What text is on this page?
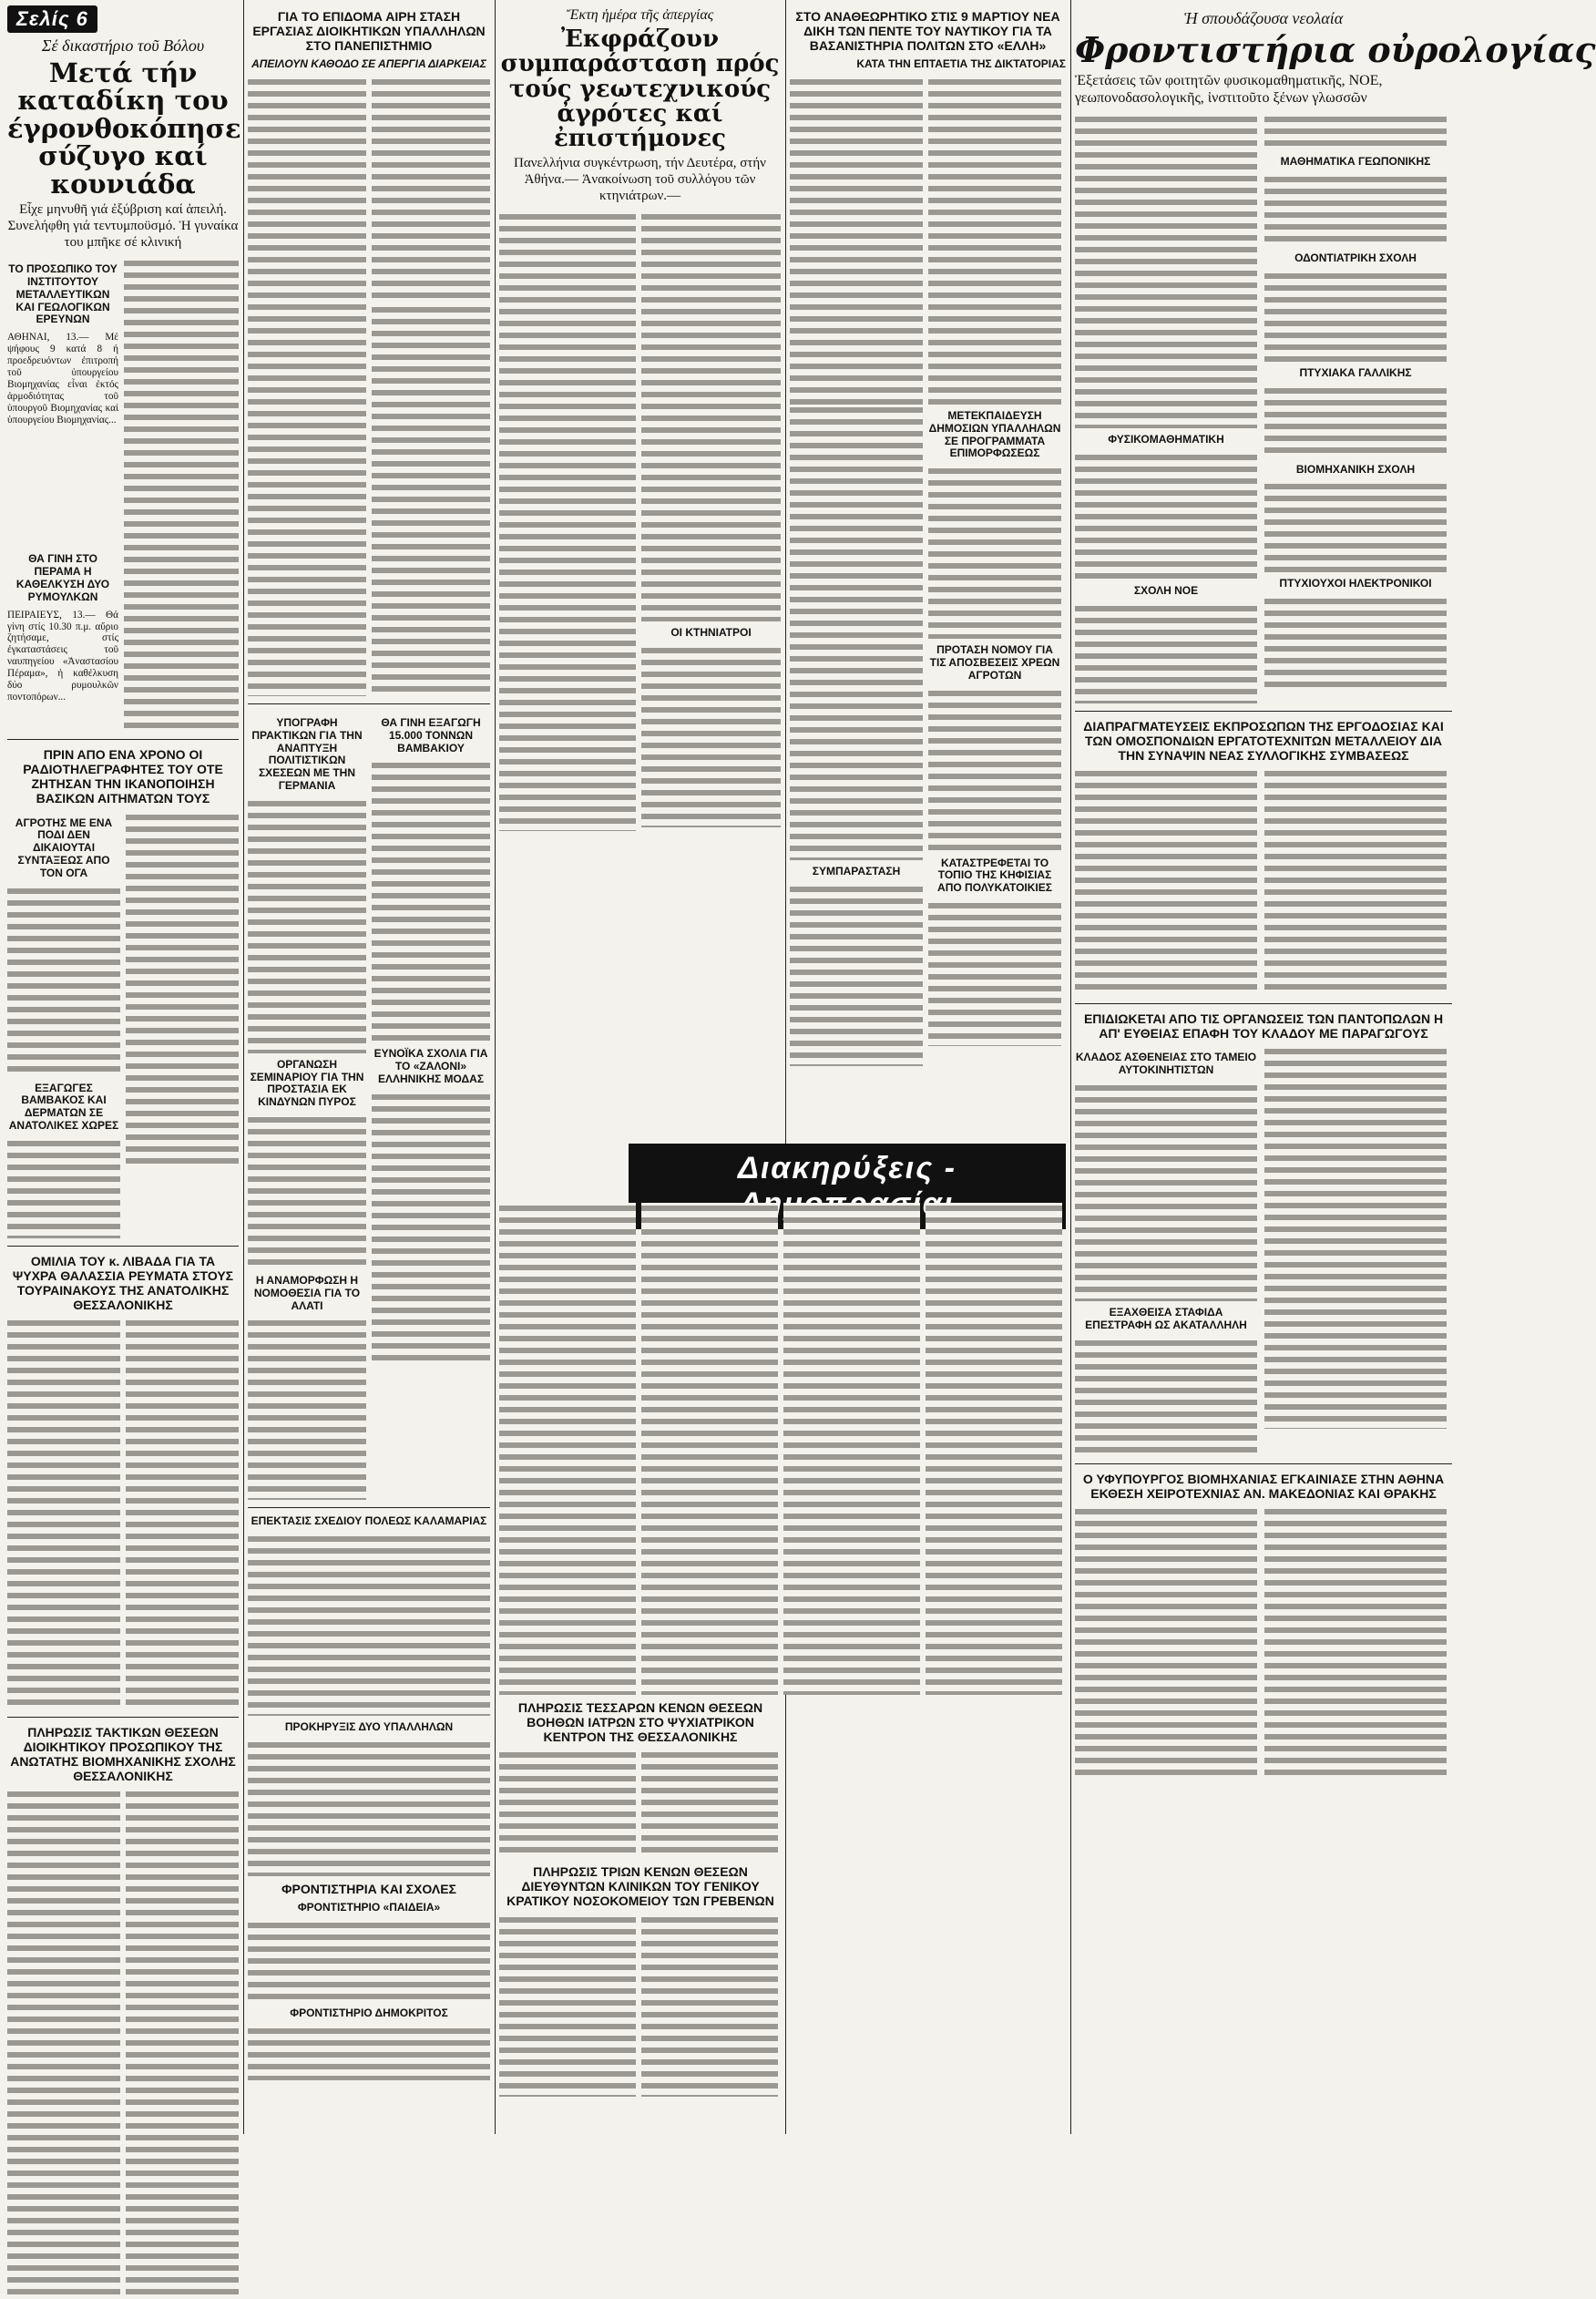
Σελίς 6
Σέ δικαστήριο τοῦ Βόλου
Μετά τήν καταδίκη του έγρονθοκόπησε σύζυγο καί κουνιάδα
Εἶχε μηνυθῆ γιά ἐξύβριση καί ἀπειλή. Συνελήφθη γιά τεντυμποϋσμό. Ἡ γυναίκα του μπῆκε σέ κλινική
ΤΟ ΠΡΟΣΩΠΙΚΟ ΤΟΥ ΙΝΣΤΙΤΟΥΤΟΥ ΜΕΤΑΛΛΕΥΤΙΚΩΝ ΚΑΙ ΓΕΩΛΟΓΙΚΩΝ ΕΡΕΥΝΩΝ

ΑΘΗΝΑΙ, 13.— Μέ ψήφους 9 κατά 8 ή προεδρευόντων ἐπιτροπή τοῦ ὑπουργείου Βιομηχανίας εἶναι ἐκτός ἀρμοδιότητας τοῦ ὑπουργοῦ Βιομηχανίας καί ὑπουργείου Βιομηχανίας...

ΘΑ ΓΙΝΗ ΣΤΟ ΠΕΡΑΜΑ Η ΚΑΘΕΛΚΥΣΗ ΔΥΟ ΡΥΜΟΥΛΚΩΝ

ΠΕΙΡΑΙΕΥΣ, 13.— Θά γίνη στίς 10.30 π.μ. αὔριο ζητήσαμε, στίς ἐγκαταστάσεις τοῦ ναυπηγείου «Ἀναστασίου Πέραμα», ἡ καθέλκυση δύο ρυμουλκῶν ποντοπόρων...

ΠΡΙΝ ΑΠΟ ΕΝΑ ΧΡΟΝΟ ΟΙ ΡΑΔΙΟΤΗΛΕΓΡΑΦΗΤΕΣ ΤΟΥ ΟΤΕ ΖΗΤΗΣΑΝ ΤΗΝ ΙΚΑΝΟΠΟΙΗΣΗ ΒΑΣΙΚΩΝ ΑΙΤΗΜΑΤΩΝ ΤΟΥΣ
ΑΓΡΟΤΗΣ ΜΕ ΕΝΑ ΠΟΔΙ ΔΕΝ ΔΙΚΑΙΟΥΤΑΙ ΣΥΝΤΑΞΕΩΣ ΑΠΟ ΤΟΝ ΟΓΑ
ΕΞΑΓΩΓΕΣ ΒΑΜΒΑΚΟΣ ΚΑΙ ΔΕΡΜΑΤΩΝ ΣΕ ΑΝΑΤΟΛΙΚΕΣ ΧΩΡΕΣ
ΟΜΙΛΙΑ ΤΟΥ κ. ΛΙΒΑΔΑ ΓΙΑ ΤΑ ΨΥΧΡΑ ΘΑΛΑΣΣΙΑ ΡΕΥΜΑΤΑ ΣΤΟΥΣ ΤΟΥΡΑΙΝΑΚΟΥΣ ΤΗΣ ΑΝΑΤΟΛΙΚΗΣ ΘΕΣΣΑΛΟΝΙΚΗΣ
ΠΛΗΡΩΣΙΣ ΤΑΚΤΙΚΩΝ ΘΕΣΕΩΝ ΔΙΟΙΚΗΤΙΚΟΥ ΠΡΟΣΩΠΙΚΟΥ ΤΗΣ ΑΝΩΤΑΤΗΣ ΒΙΟΜΗΧΑΝΙΚΗΣ ΣΧΟΛΗΣ ΘΕΣΣΑΛΟΝΙΚΗΣ
ΓΙΑ ΤΟ ΕΠΙΔΟΜΑ ΑΙΡΗ ΣΤΑΣΗ ΕΡΓΑΣΙΑΣ ΔΙΟΙΚΗΤΙΚΩΝ ΥΠΑΛΛΗΛΩΝ ΣΤΟ ΠΑΝΕΠΙΣΤΗΜΙΟ
ΑΠΕΙΛΟΥΝ ΚΑΘΟΔΟ ΣΕ ΑΠΕΡΓΙΑ ΔΙΑΡΚΕΙΑΣ
ΥΠΟΓΡΑΦΗ ΠΡΑΚΤΙΚΩΝ ΓΙΑ ΤΗΝ ΑΝΑΠΤΥΞΗ ΠΟΛΙΤΙΣΤΙΚΩΝ ΣΧΕΣΕΩΝ ΜΕ ΤΗΝ ΓΕΡΜΑΝΙΑ
ΟΡΓΑΝΩΣΗ ΣΕΜΙΝΑΡΙΟΥ ΓΙΑ ΤΗΝ ΠΡΟΣΤΑΣΙΑ ΕΚ ΚΙΝΔΥΝΩΝ ΠΥΡΟΣ
Η ΑΝΑΜΟΡΦΩΣΗ Η ΝΟΜΟΘΕΣΙΑ ΓΙΑ ΤΟ ΑΛΑΤΙ
ΘΑ ΓΙΝΗ ΕΞΑΓΩΓΗ 15.000 ΤΟΝΝΩΝ ΒΑΜΒΑΚΙΟΥ
ΕΥΝΟΪΚΑ ΣΧΟΛΙΑ ΓΙΑ ΤΟ «ΖΑΛΟΝΙ» ΕΛΛΗΝΙΚΗΣ ΜΟΔΑΣ
ΕΠΕΚΤΑΣΙΣ ΣΧΕΔΙΟΥ ΠΟΛΕΩΣ ΚΑΛΑΜΑΡΙΑΣ
ΠΡΟΚΗΡΥΞΙΣ ΔΥΟ ΥΠΑΛΛΗΛΩΝ
ΦΡΟΝΤΙΣΤΗΡΙΑ ΚΑΙ ΣΧΟΛΕΣ
ΦΡΟΝΤΙΣΤΗΡΙΟ «ΠΑΙΔΕΙΑ»
ΦΡΟΝΤΙΣΤΗΡΙΟ ΔΗΜΟΚΡΙΤΟΣ
Ἔκτη ἡμέρα τῆς ἀπεργίας
Ἐκφράζουν συμπαράσταση πρός τούς γεωτεχνικούς ἀγρότες καί ἐπιστήμονες
Πανελλήνια συγκέντρωση, τήν Δευτέρα, στήν Ἀθήνα.— Ἀνακοίνωση τοῦ συλλόγου τῶν κτηνιάτρων.—
ΟΙ ΚΤΗΝΙΑΤΡΟΙ
Διακηρύξεις -
ΠΛΗΡΩΣΙΣ ΤΕΣΣΑΡΩΝ ΚΕΝΩΝ ΘΕΣΕΩΝ ΒΟΗΘΩΝ ΙΑΤΡΩΝ ΣΤΟ ΨΥΧΙΑΤΡΙΚΟΝ ΚΕΝΤΡΟΝ ΤΗΣ ΘΕΣΣΑΛΟΝΙΚΗΣ
ΠΛΗΡΩΣΙΣ ΤΡΙΩΝ ΚΕΝΩΝ ΘΕΣΕΩΝ ΔΙΕΥΘΥΝΤΩΝ ΚΛΙΝΙΚΩΝ ΤΟΥ ΓΕΝΙΚΟΥ ΚΡΑΤΙΚΟΥ ΝΟΣΟΚΟΜΕΙΟΥ ΤΩΝ ΓΡΕΒΕΝΩΝ
ΣΤΟ ΑΝΑΘΕΩΡΗΤΙΚΟ ΣΤΙΣ 9 ΜΑΡΤΙΟΥ ΝΕΑ ΔΙΚΗ ΤΩΝ ΠΕΝΤΕ ΤΟΥ ΝΑΥΤΙΚΟΥ ΓΙΑ ΤΑ ΒΑΣΑΝΙΣΤΗΡΙΑ ΠΟΛΙΤΩΝ ΣΤΟ «ΕΛΛΗ»
ΚΑΤΑ ΤΗΝ ΕΠΤΑΕΤΙΑ ΤΗΣ ΔΙΚΤΑΤΟΡΙΑΣ
ΣΥΜΠΑΡΑΣΤΑΣΗ
ΜΕΤΕΚΠΑΙΔΕΥΣΗ ΔΗΜΟΣΙΩΝ ΥΠΑΛΛΗΛΩΝ ΣΕ ΠΡΟΓΡΑΜΜΑΤΑ ΕΠΙΜΟΡΦΩΣΕΩΣ
ΠΡΟΤΑΣΗ ΝΟΜΟΥ ΓΙΑ ΤΙΣ ΑΠΟΣΒΕΣΕΙΣ ΧΡΕΩΝ ΑΓΡΟΤΩΝ
ΚΑΤΑΣΤΡΕΦΕΤΑΙ ΤΟ ΤΟΠΙΟ ΤΗΣ ΚΗΦΙΣΙΑΣ ΑΠΟ ΠΟΛΥΚΑΤΟΙΚΙΕΣ
Ἡ σπουδάζουσα νεολαία
Φροντιστήρια οὐρολογίας
Ἐξετάσεις τῶν φοιτητῶν φυσικομαθηματικῆς, ΝΟΕ, γεωπονοδασολογικῆς, ἰνστιτοῦτο ξένων γλωσσῶν
ΦΥΣΙΚΟΜΑΘΗΜΑΤΙΚΗ
ΣΧΟΛΗ ΝΟΕ
ΜΑΘΗΜΑΤΙΚΑ ΓΕΩΠΟΝΙΚΗΣ
ΟΔΟΝΤΙΑΤΡΙΚΗ ΣΧΟΛΗ
ΠΤΥΧΙΑΚΑ ΓΑΛΛΙΚΗΣ
ΒΙΟΜΗΧΑΝΙΚΗ ΣΧΟΛΗ
ΠΤΥΧΙΟΥΧΟΙ ΗΛΕΚΤΡΟΝΙΚΟΙ
ΔΙΑΠΡΑΓΜΑΤΕΥΣΕΙΣ ΕΚΠΡΟΣΩΠΩΝ ΤΗΣ ΕΡΓΟΔΟΣΙΑΣ ΚΑΙ ΤΩΝ ΟΜΟΣΠΟΝΔΙΩΝ ΕΡΓΑΤΟΤΕΧΝΙΤΩΝ ΜΕΤΑΛΛΕΙΟΥ ΔΙΑ ΤΗΝ ΣΥΝΑΨΙΝ ΝΕΑΣ ΣΥΛΛΟΓΙΚΗΣ ΣΥΜΒΑΣΕΩΣ
ΕΠΙΔΙΩΚΕΤΑΙ ΑΠΟ ΤΙΣ ΟΡΓΑΝΩΣΕΙΣ ΤΩΝ ΠΑΝΤΟΠΩΛΩΝ Η ΑΠ' ΕΥΘΕΙΑΣ ΕΠΑΦΗ ΤΟΥ ΚΛΑΔΟΥ ΜΕ ΠΑΡΑΓΩΓΟΥΣ
ΚΛΑΔΟΣ ΑΣΘΕΝΕΙΑΣ ΣΤΟ ΤΑΜΕΙΟ ΑΥΤΟΚΙΝΗΤΙΣΤΩΝ
ΕΞΑΧΘΕΙΣΑ ΣΤΑΦΙΔΑ ΕΠΕΣΤΡΑΦΗ ΩΣ ΑΚΑΤΑΛΛΗΛΗ
Ο ΥΦΥΠΟΥΡΓΟΣ ΒΙΟΜΗΧΑΝΙΑΣ ΕΓΚΑΙΝΙΑΣΕ ΣΤΗΝ ΑΘΗΝΑ ΕΚΘΕΣΗ ΧΕΙΡΟΤΕΧΝΙΑΣ ΑΝ. ΜΑΚΕΔΟΝΙΑΣ ΚΑΙ ΘΡΑΚΗΣ
